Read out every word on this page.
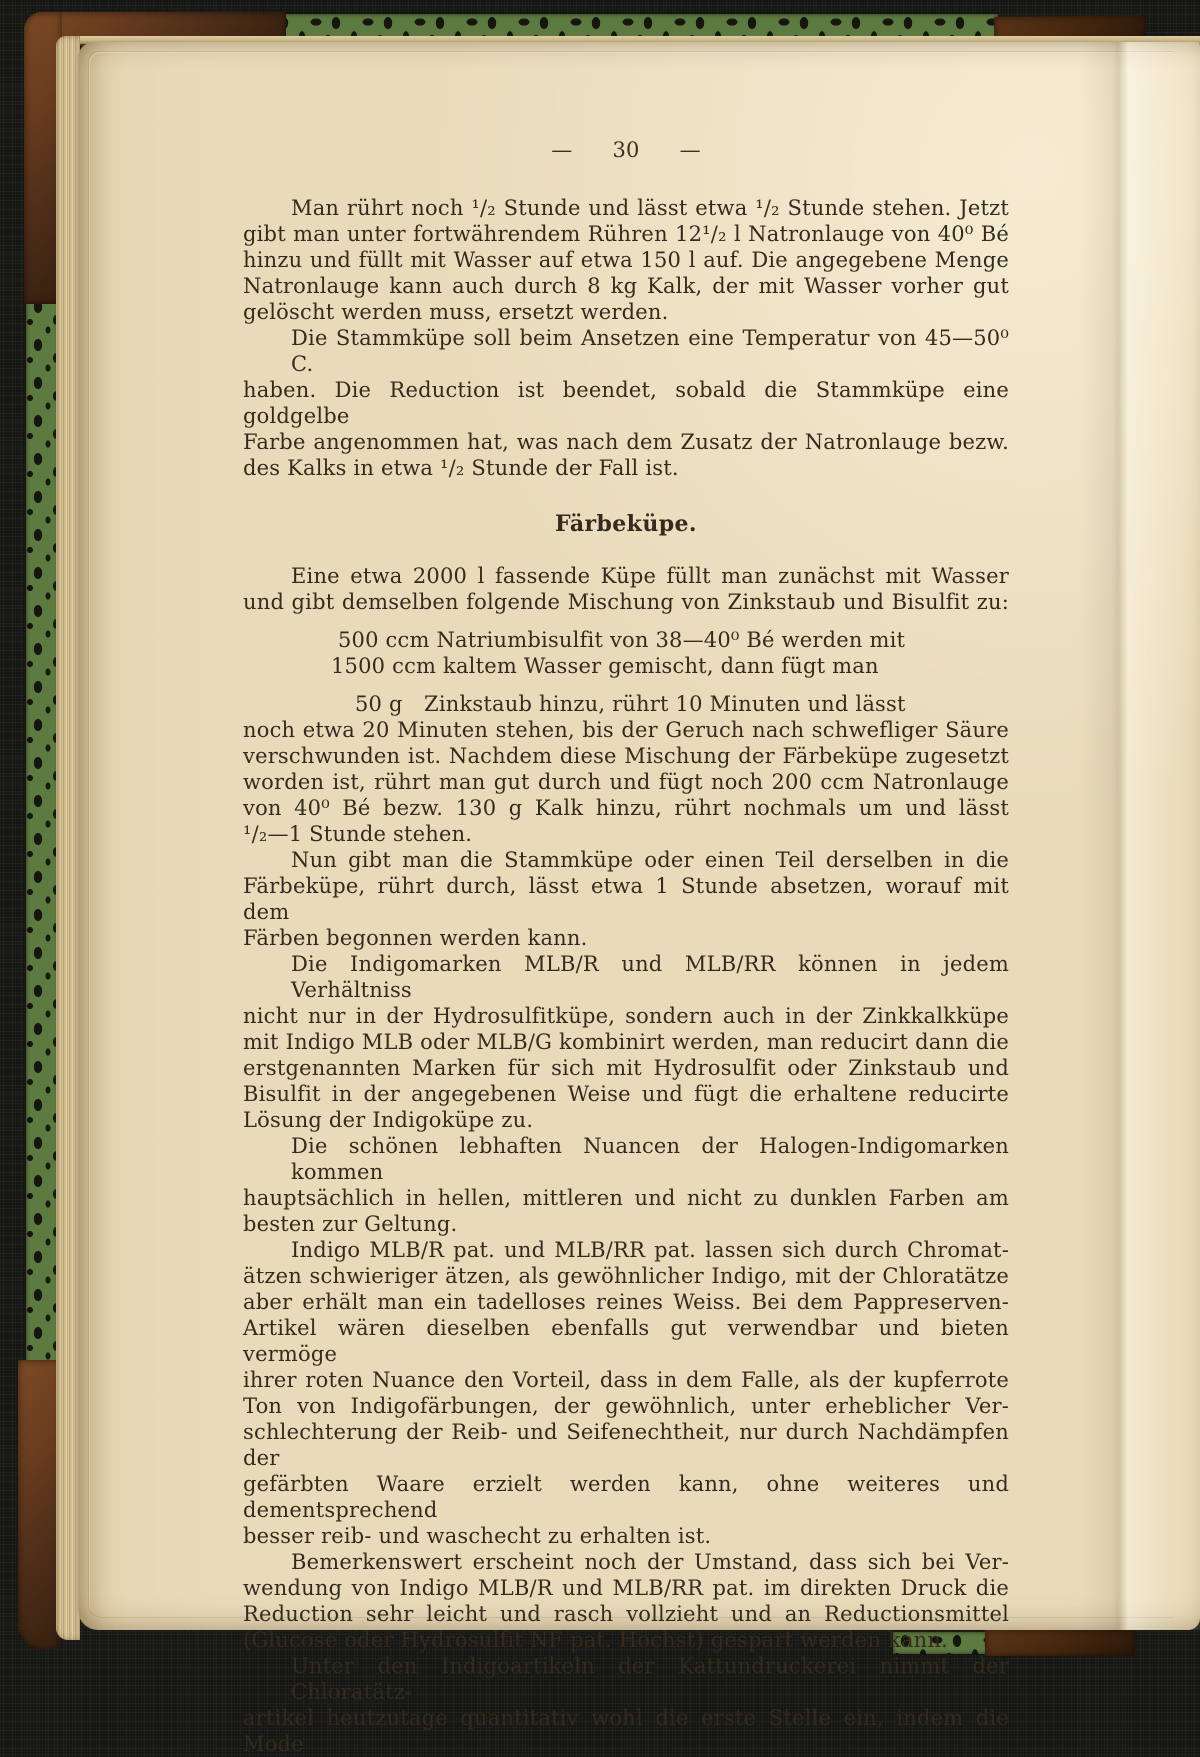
— 30 —
Man rührt noch ¹/₂ Stunde und lässt etwa ¹/₂ Stunde stehen. Jetzt
gibt man unter fortwährendem Rühren 12¹/₂ l Natronlauge von 40⁰ Bé
hinzu und füllt mit Wasser auf etwa 150 l auf. Die angegebene Menge
Natronlauge kann auch durch 8 kg Kalk, der mit Wasser vorher gut
gelöscht werden muss, ersetzt werden.
Die Stammküpe soll beim Ansetzen eine Temperatur von 45—50⁰ C.
haben. Die Reduction ist beendet, sobald die Stammküpe eine goldgelbe
Farbe angenommen hat, was nach dem Zusatz der Natronlauge bezw.
des Kalks in etwa ¹/₂ Stunde der Fall ist.
Färbeküpe.
Eine etwa 2000 l fassende Küpe füllt man zunächst mit Wasser
und gibt demselben folgende Mischung von Zinkstaub und Bisulfit zu:
500 ccm Natriumbisulfit von 38—40⁰ Bé werden mit
1500 ccm kaltem Wasser gemischt, dann fügt man
50 g  Zinkstaub hinzu, rührt 10 Minuten und lässt
noch etwa 20 Minuten stehen, bis der Geruch nach schwefliger Säure
verschwunden ist. Nachdem diese Mischung der Färbeküpe zugesetzt
worden ist, rührt man gut durch und fügt noch 200 ccm Natronlauge
von 40⁰ Bé bezw. 130 g Kalk hinzu, rührt nochmals um und lässt
¹/₂—1 Stunde stehen.
Nun gibt man die Stammküpe oder einen Teil derselben in die
Färbeküpe, rührt durch, lässt etwa 1 Stunde absetzen, worauf mit dem
Färben begonnen werden kann.
Die Indigomarken MLB/R und MLB/RR können in jedem Verhältniss
nicht nur in der Hydrosulfitküpe, sondern auch in der Zinkkalkküpe
mit Indigo MLB oder MLB/G kombinirt werden, man reducirt dann die
erstgenannten Marken für sich mit Hydrosulfit oder Zinkstaub und
Bisulfit in der angegebenen Weise und fügt die erhaltene reducirte
Lösung der Indigoküpe zu.
Die schönen lebhaften Nuancen der Halogen-Indigomarken kommen
hauptsächlich in hellen, mittleren und nicht zu dunklen Farben am
besten zur Geltung.
Indigo MLB/R pat. und MLB/RR pat. lassen sich durch Chromat-
ätzen schwieriger ätzen, als gewöhnlicher Indigo, mit der Chloratätze
aber erhält man ein tadelloses reines Weiss. Bei dem Pappreserven-
Artikel wären dieselben ebenfalls gut verwendbar und bieten vermöge
ihrer roten Nuance den Vorteil, dass in dem Falle, als der kupferrote
Ton von Indigofärbungen, der gewöhnlich, unter erheblicher Ver-
schlechterung der Reib- und Seifenechtheit, nur durch Nachdämpfen der
gefärbten Waare erzielt werden kann, ohne weiteres und dementsprechend
besser reib- und waschecht zu erhalten ist.
Bemerkenswert erscheint noch der Umstand, dass sich bei Ver-
wendung von Indigo MLB/R und MLB/RR pat. im direkten Druck die
Reduction sehr leicht und rasch vollzieht und an Reductionsmittel
(Glucose oder Hydrosulfit NF pat. Höchst) gespart werden kann.
Unter den Indigoartikeln der Kattundruckerei nimmt der Chloratätz-
artikel heutzutage quantitativ wohl die erste Stelle ein, indem die Mode
